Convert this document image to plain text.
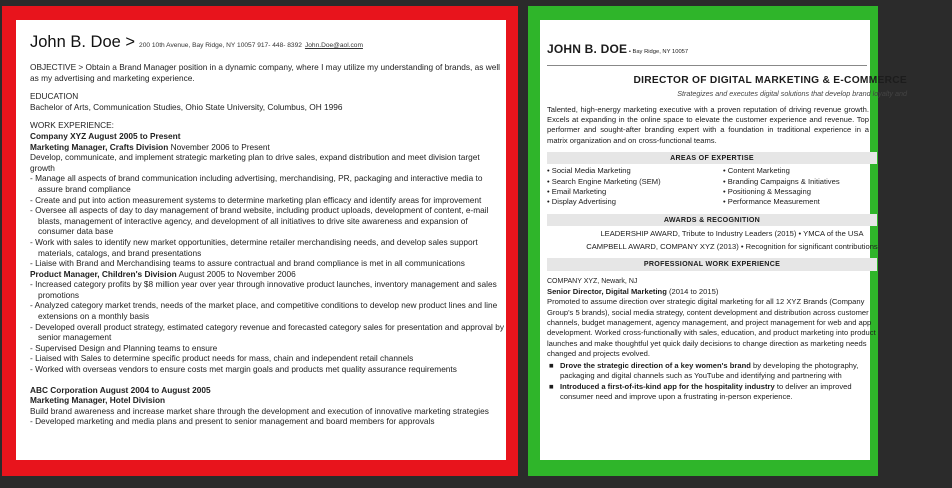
John B. Doe > 200 10th Avenue, Bay Ridge, NY 10057 917- 448- 8392 John.Doe@aol.com
OBJECTIVE > Obtain a Brand Manager position in a dynamic company, where I may utilize my understanding of brands, as well as my advertising and marketing experience.
EDUCATION
Bachelor of Arts, Communication Studies, Ohio State University, Columbus, OH 1996
WORK EXPERIENCE:
Company XYZ August 2005 to Present
Marketing Manager, Crafts Division November 2006 to Present
Develop, communicate, and implement strategic marketing plan to drive sales, expand distribution and meet division target growth
- Manage all aspects of brand communication including advertising, merchandising, PR, packaging and interactive media to assure brand compliance
- Create and put into action measurement systems to determine marketing plan efficacy and identify areas for improvement
- Oversee all aspects of day to day management of brand website, including product uploads, development of content, e-mail blasts, management of interactive agency, and development of all initiatives to drive site awareness and expansion of consumer data base
- Work with sales to identify new market opportunities, determine retailer merchandising needs, and develop sales support materials, catalogs, and brand presentations
- Liaise with Brand and Merchandising teams to assure contractual and brand compliance is met in all communications
Product Manager, Children's Division August 2005 to November 2006
- Increased category profits by $8 million year over year through innovative product launches, inventory management and sales promotions
- Analyzed category market trends, needs of the market place, and competitive conditions to develop new product lines and line extensions on a monthly basis
- Developed overall product strategy, estimated category revenue and forecasted category sales for presentation and approval by senior management
- Supervised Design and Planning teams to ensure
- Liaised with Sales to determine specific product needs for mass, chain and independent retail channels
- Worked with overseas vendors to ensure costs met margin goals and products met quality assurance requirements
ABC Corporation August 2004 to August 2005
Marketing Manager, Hotel Division
Build brand awareness and increase market share through the development and execution of innovative marketing strategies
- Developed marketing and media plans and present to senior management and board members for approvals
JOHN B. DOE • Bay Ridge, NY 10057
DIRECTOR OF DIGITAL MARKETING & E-COMMERCE
Strategizes and executes digital solutions that develop brand loyalty and
Talented, high-energy marketing executive with a proven reputation of driving revenue growth. Excels at expanding in the online space to elevate the customer experience and revenue. Top performer and sought-after branding expert with a foundation in traditional experience in a matrix organization and on cross-functional teams.
AREAS OF EXPERTISE
• Social Media Marketing
• Search Engine Marketing (SEM)
• Email Marketing
• Display Advertising
• Content Marketing
• Branding Campaigns & Initiatives
• Positioning & Messaging
• Performance Measurement
AWARDS & RECOGNITION
LEADERSHIP AWARD, Tribute to Industry Leaders (2015) • YMCA of the USA
CAMPBELL AWARD, COMPANY XYZ (2013) • Recognition for significant contributions
PROFESSIONAL WORK EXPERIENCE
COMPANY XYZ, Newark, NJ
Senior Director, Digital Marketing (2014 to 2015)
Promoted to assume direction over strategic digital marketing for all 12 XYZ Brands (Company Group's 5 brands), social media strategy, content development and distribution across customer channels, budget management, agency management, and project management for web and app development. Worked cross-functionally with sales, education, and product marketing into product launches and make thoughtful yet quick daily decisions to change direction as marketing needs changed and projects evolved.
■ Drove the strategic direction of a key women's brand by developing the photography, packaging and digital channels such as YouTube and identifying and partnering with
■ Introduced a first-of-its-kind app for the hospitality industry to deliver an improved consumer need and improve upon a frustrating in-person experience.
